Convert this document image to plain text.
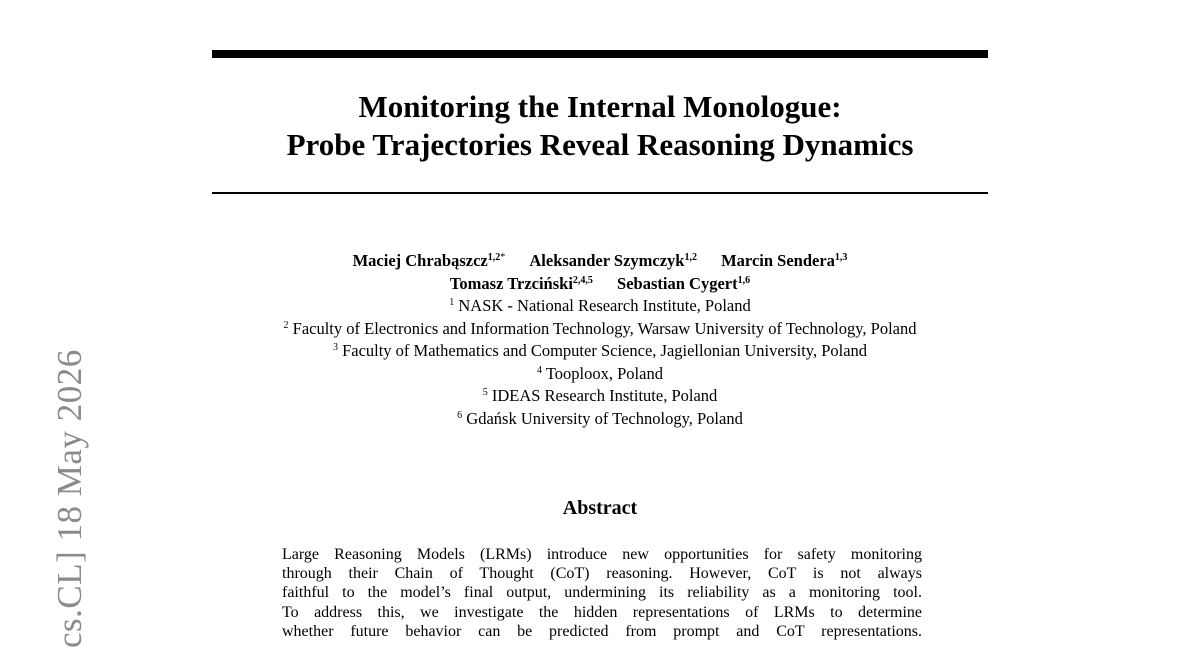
cs.CL] 18 May 2026
Monitoring the Internal Monologue:
Probe Trajectories Reveal Reasoning Dynamics
Maciej Chrabąszcz$^{1,2*}$ Aleksander Szymczyk$^{1,2}$ Marcin Sendera$^{1,3}$
Tomasz Trzciński$^{2,4,5}$ Sebastian Cygert$^{1,6}$
$^1$ NASK - National Research Institute, Poland
$^2$ Faculty of Electronics and Information Technology, Warsaw University of Technology, Poland
$^3$ Faculty of Mathematics and Computer Science, Jagiellonian University, Poland
$^4$ Tooploox, Poland
$^5$ IDEAS Research Institute, Poland
$^6$ Gdańsk University of Technology, Poland
Abstract
Large Reasoning Models (LRMs) introduce new opportunities for safety monitoring
through their Chain of Thought (CoT) reasoning. However, CoT is not always
faithful to the model’s final output, undermining its reliability as a monitoring tool.
To address this, we investigate the hidden representations of LRMs to determine
whether future behavior can be predicted from prompt and CoT representations.
